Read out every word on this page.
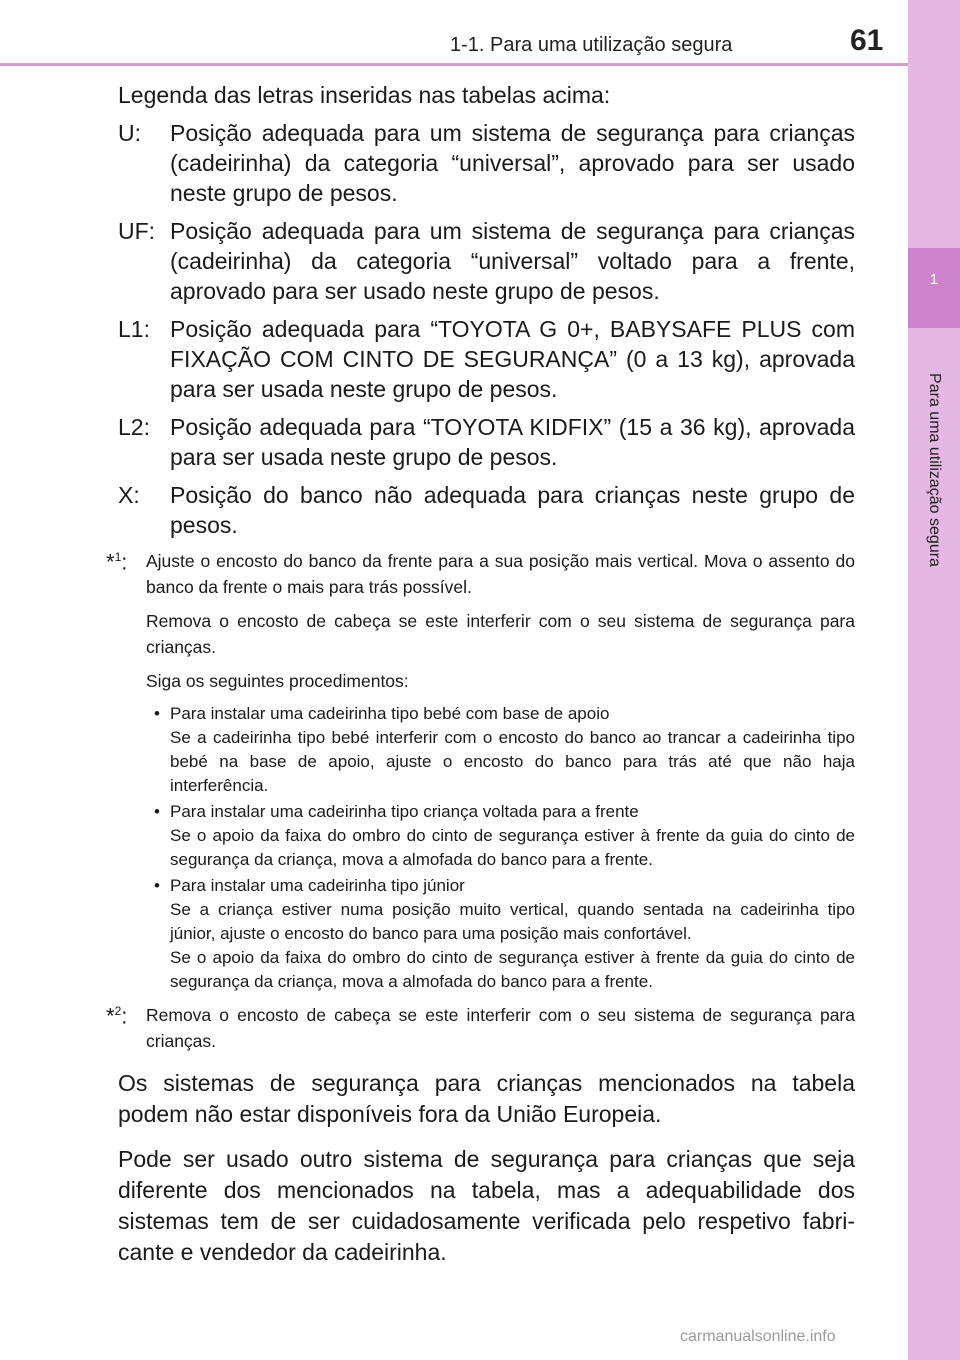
1-1. Para uma utilização segura	61
1
Para uma utilização segura
Legenda das letras inseridas nas tabelas acima:
U:	Posição adequada para um sistema de segurança para crianças (cadeirinha) da categoria “universal”, aprovado para ser usado neste grupo de pesos.
UF: Posição adequada para um sistema de segurança para crianças (cadeirinha) da categoria “universal” voltado para a frente, aprovado para ser usado neste grupo de pesos.
L1: Posição adequada para “TOYOTA G 0+, BABYSAFE PLUS com FIXAÇÃO COM CINTO DE SEGURANÇA” (0 a 13 kg), aprovada para ser usada neste grupo de pesos.
L2: Posição adequada para “TOYOTA KIDFIX” (15 a 36 kg), aprovada para ser usada neste grupo de pesos.
X:	Posição do banco não adequada para crianças neste grupo de pesos.
*$^1$: Ajuste o encosto do banco da frente para a sua posição mais vertical. Mova o assento do banco da frente o mais para trás possível.

Remova o encosto de cabeça se este interferir com o seu sistema de segurança para crianças.

Siga os seguintes procedimentos:

• Para instalar uma cadeirinha tipo bebé com base de apoio
Se a cadeirinha tipo bebé interferir com o encosto do banco ao trancar a cadeirinha tipo bebé na base de apoio, ajuste o encosto do banco para trás até que não haja interferência.
• Para instalar uma cadeirinha tipo criança voltada para a frente
Se o apoio da faixa do ombro do cinto de segurança estiver à frente da guia do cinto de segurança da criança, mova a almofada do banco para a frente.
• Para instalar uma cadeirinha tipo júnior
Se a criança estiver numa posição muito vertical, quando sentada na cadeirinha tipo júnior, ajuste o encosto do banco para uma posição mais confortável.
Se o apoio da faixa do ombro do cinto de segurança estiver à frente da guia do cinto de segurança da criança, mova a almofada do banco para a frente.
*$^2$: Remova o encosto de cabeça se este interferir com o seu sistema de segurança para crianças.

Os sistemas de segurança para crianças mencionados na tabela podem não estar disponíveis fora da União Europeia.

Pode ser usado outro sistema de segurança para crianças que seja diferente dos mencionados na tabela, mas a adequabilidade dos sistemas tem de ser cuidadosamente verificada pelo respetivo fabri- cante e vendedor da cadeirinha.

carmanualsonline.info
